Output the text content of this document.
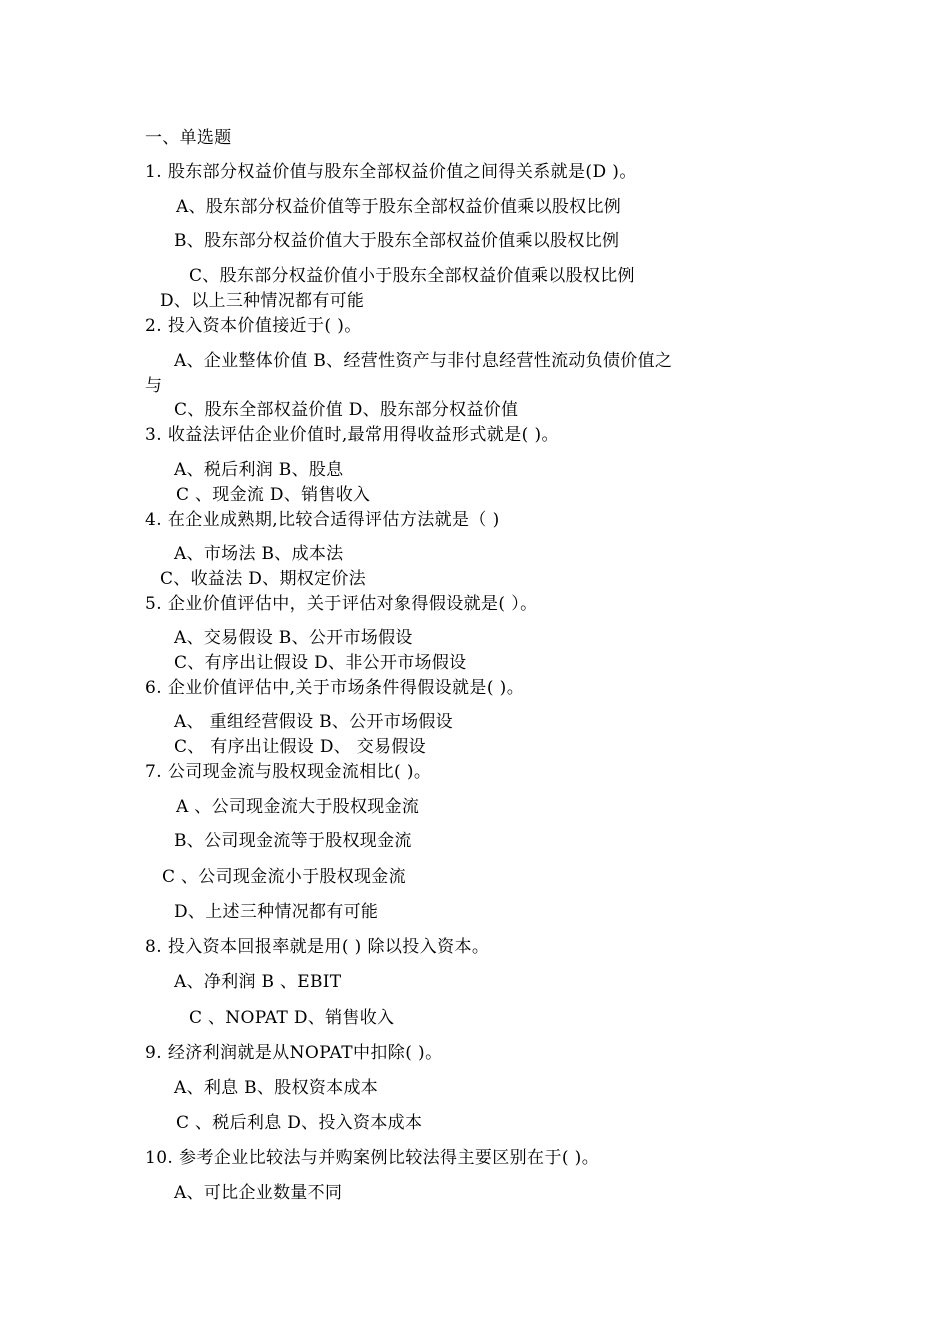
一、单选题
1. 股东部分权益价值与股东全部权益价值之间得关系就是(D )。
A、股东部分权益价值等于股东全部权益价值乘以股权比例
B、股东部分权益价值大于股东全部权益价值乘以股权比例
C、股东部分权益价值小于股东全部权益价值乘以股权比例
D、以上三种情况都有可能
2. 投入资本价值接近于( )。
A、企业整体价值 B、经营性资产与非付息经营性流动负债价值之
与
C、股东全部权益价值 D、股东部分权益价值
3. 收益法评估企业价值时,最常用得收益形式就是( )。
A、税后利润 B、股息
C 、现金流 D、销售收入
4. 在企业成熟期,比较合适得评估方法就是（ )
A、市场法 B、成本法
C、收益法 D、期权定价法
5. 企业价值评估中，关于评估对象得假设就是( ）。
A、交易假设 B、公开市场假设
C、有序出让假设 D、非公开市场假设
6. 企业价值评估中,关于市场条件得假设就是( )。
A、 重组经营假设 B、公开市场假设
C、 有序出让假设 D、 交易假设
7. 公司现金流与股权现金流相比( )。
A 、公司现金流大于股权现金流
B、公司现金流等于股权现金流
C 、公司现金流小于股权现金流
D、上述三种情况都有可能
8. 投入资本回报率就是用( ) 除以投入资本。
A、净利润 B 、EBIT
C 、NOPAT D、销售收入
9. 经济利润就是从NOPAT中扣除( )。
A、利息 B、股权资本成本
C 、税后利息 D、投入资本成本
10. 参考企业比较法与并购案例比较法得主要区别在于( )。
A、可比企业数量不同
